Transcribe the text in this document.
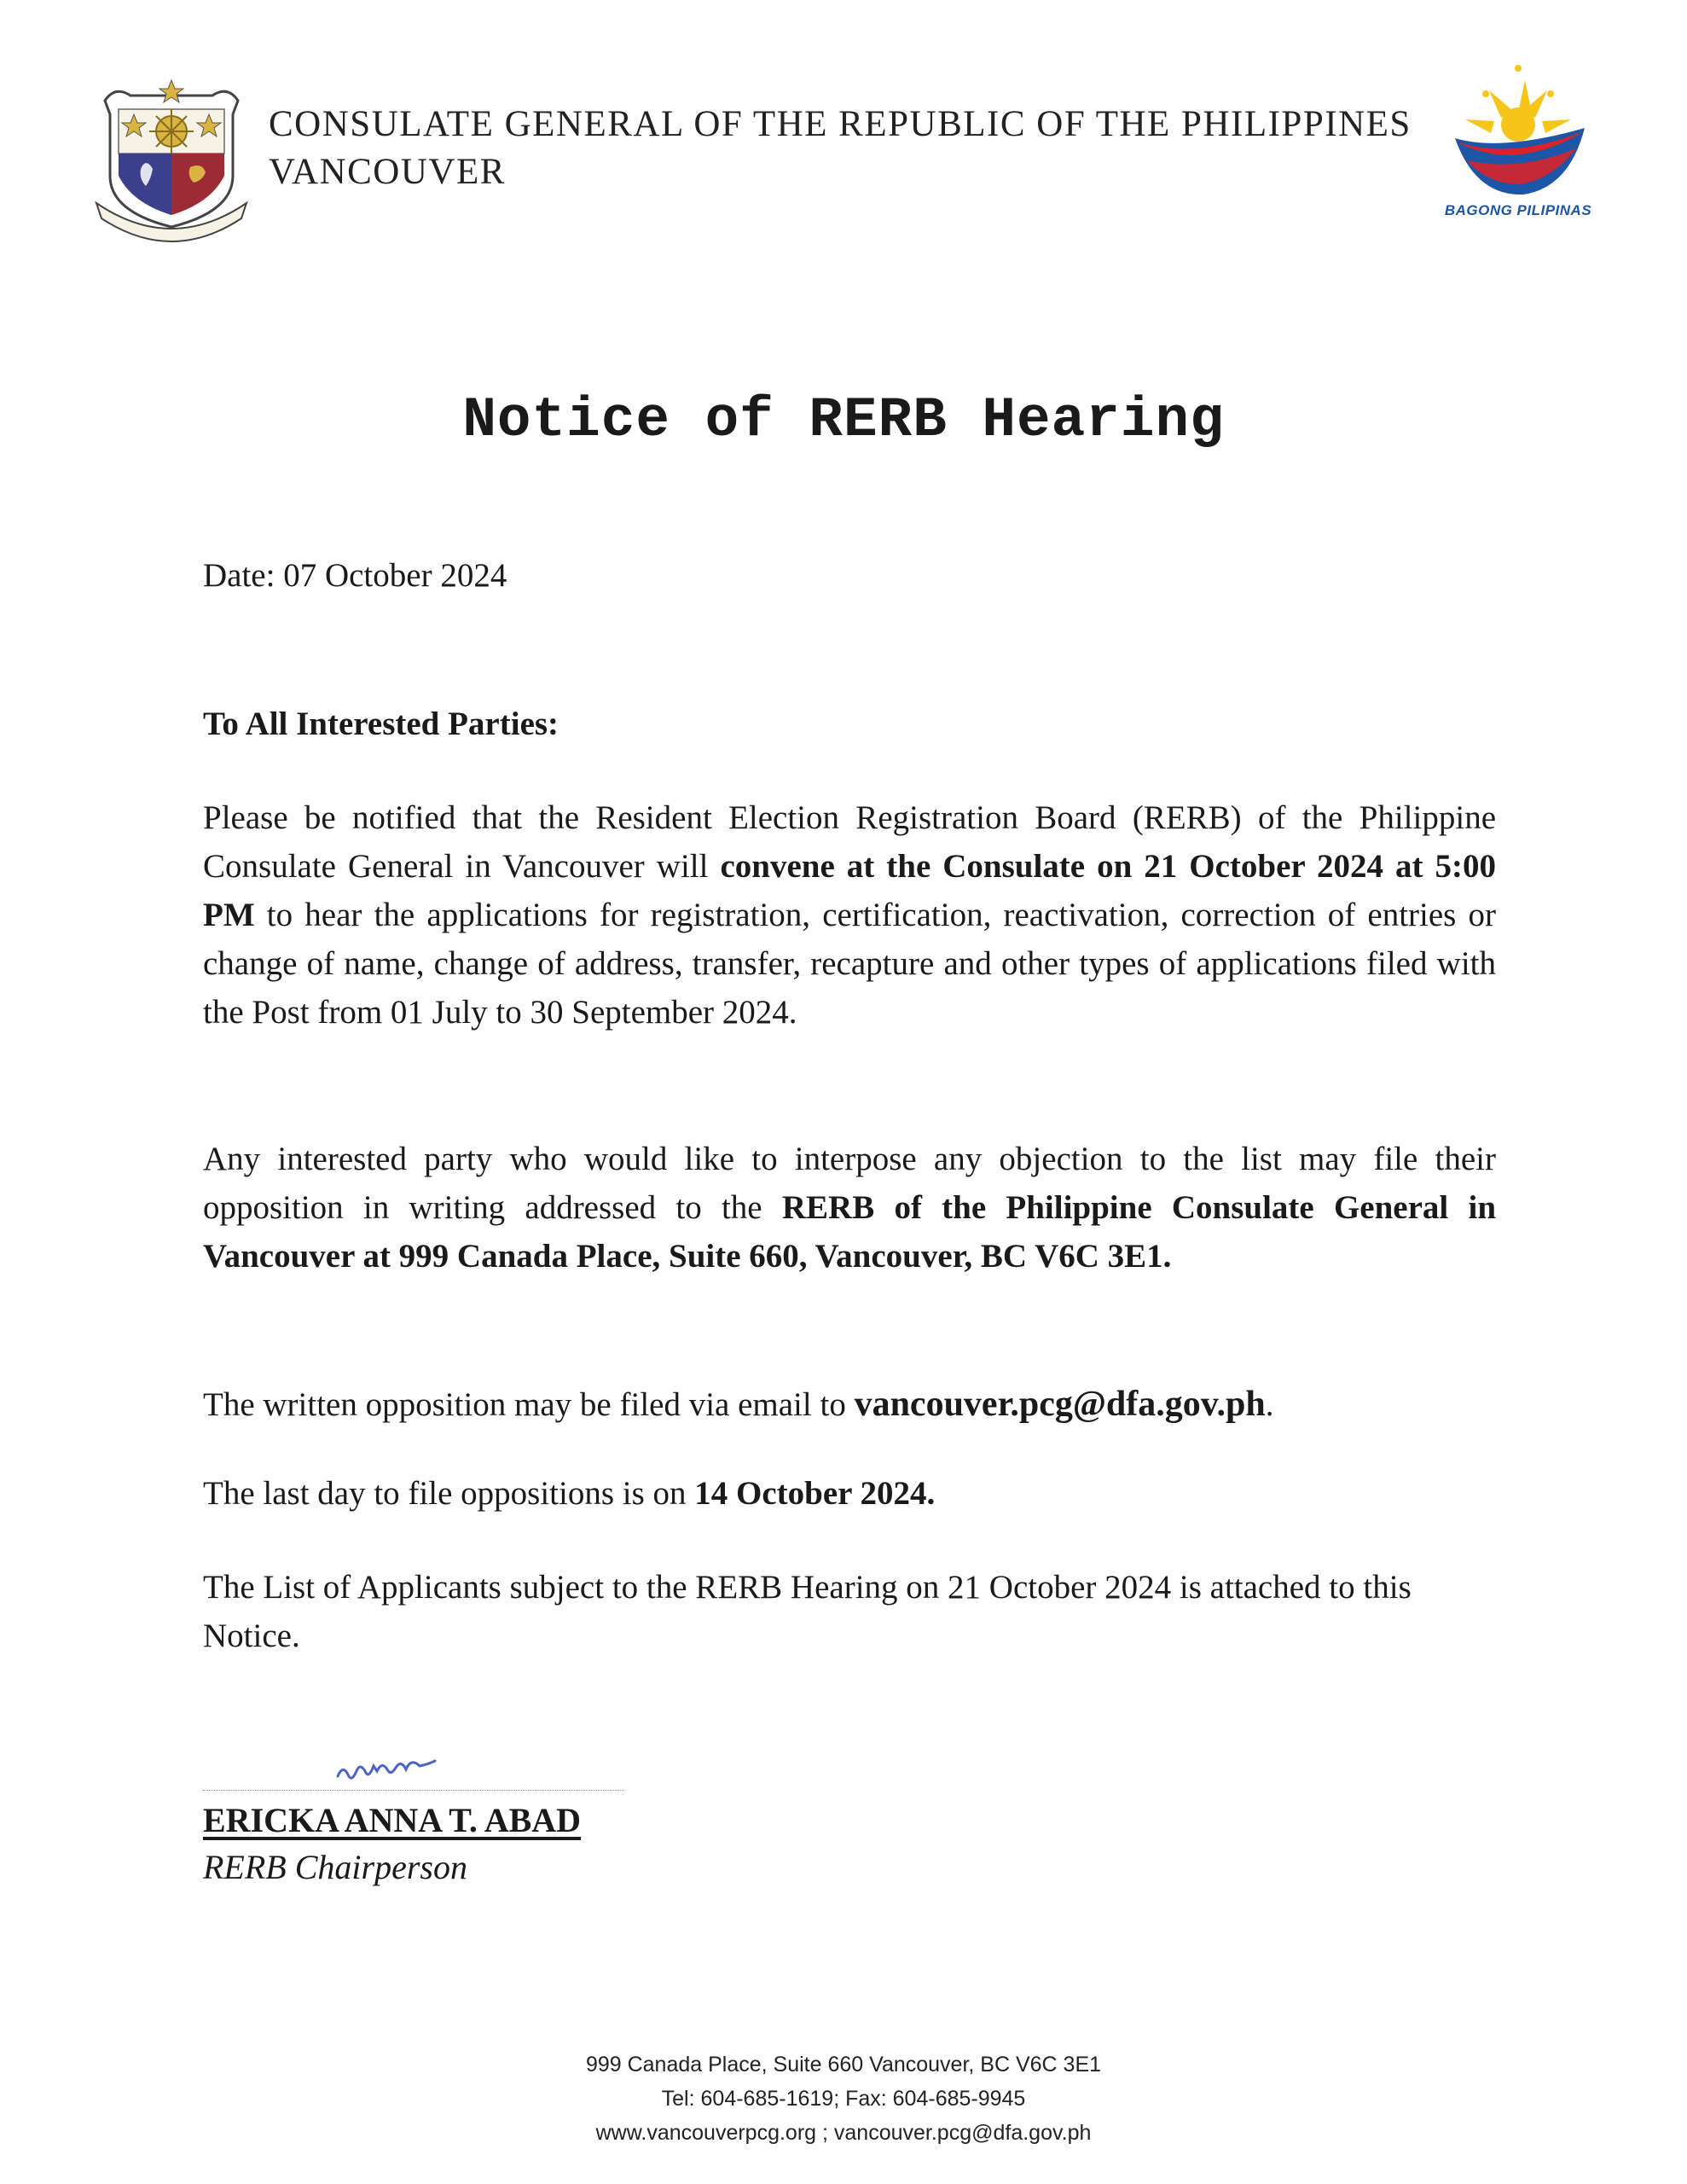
CONSULATE GENERAL OF THE REPUBLIC OF THE PHILIPPINES
VANCOUVER
BAGONG PILIPINAS
Notice of RERB Hearing
Date: 07 October 2024
To All Interested Parties:
Please be notified that the Resident Election Registration Board (RERB) of the Philippine Consulate General in Vancouver will convene at the Consulate on 21 October 2024 at 5:00 PM to hear the applications for registration, certification, reactivation, correction of entries or change of name, change of address, transfer, recapture and other types of applications filed with the Post from 01 July to 30 September 2024.
Any interested party who would like to interpose any objection to the list may file their opposition in writing addressed to the RERB of the Philippine Consulate General in Vancouver at 999 Canada Place, Suite 660, Vancouver, BC V6C 3E1.
The written opposition may be filed via email to vancouver.pcg@dfa.gov.ph.
The last day to file oppositions is on 14 October 2024.
The List of Applicants subject to the RERB Hearing on 21 October 2024 is attached to this Notice.
ERICKA ANNA T. ABAD
RERB Chairperson
999 Canada Place, Suite 660 Vancouver, BC V6C 3E1
Tel: 604-685-1619; Fax: 604-685-9945
www.vancouverpcg.org ; vancouver.pcg@dfa.gov.ph
